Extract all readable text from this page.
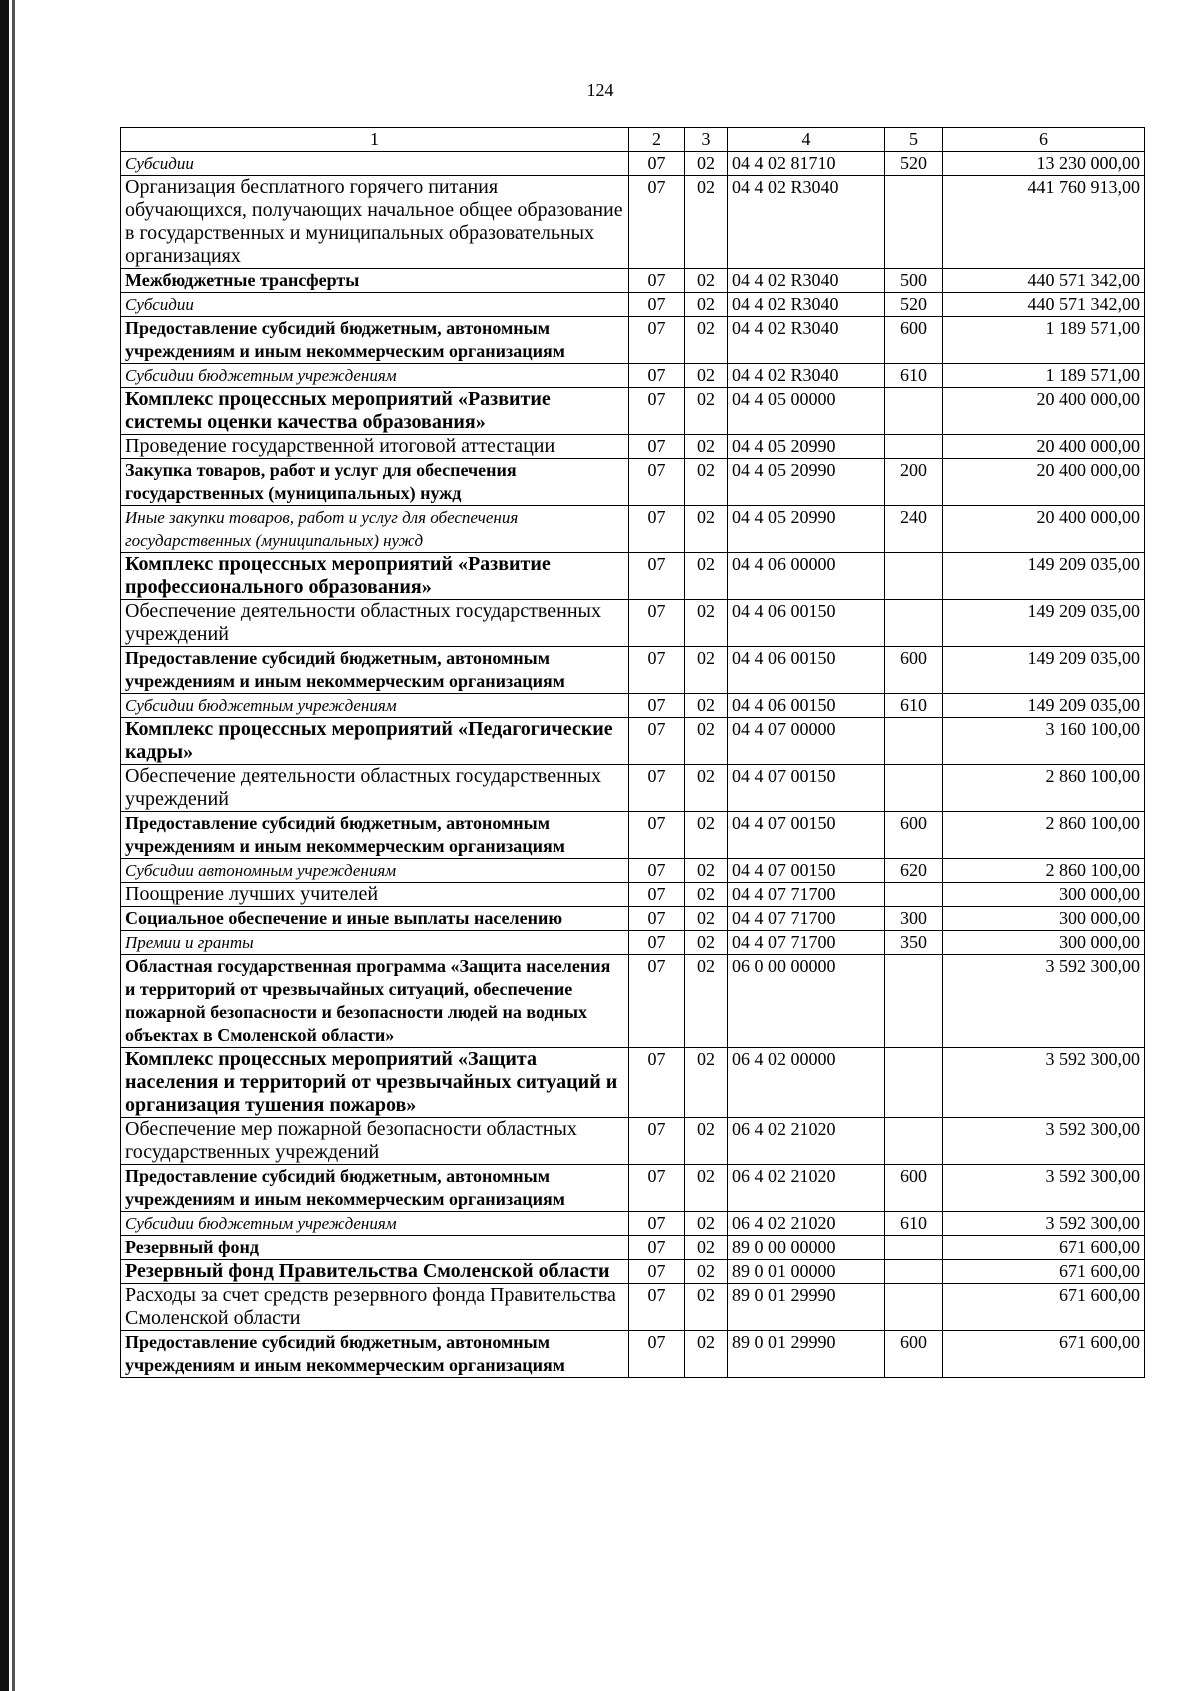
124
1	2	3	4	5	6
Субсидии	07	02	04 4 02 81710	520	13 230 000,00
Организация бесплатного горячего питания обучающихся, получающих начальное общее образование в государственных и муниципальных образовательных организациях	07	02	04 4 02 R3040		441 760 913,00
Межбюджетные трансферты	07	02	04 4 02 R3040	500	440 571 342,00
Субсидии	07	02	04 4 02 R3040	520	440 571 342,00
Предоставление субсидий бюджетным, автономным учреждениям и иным некоммерческим организациям	07	02	04 4 02 R3040	600	1 189 571,00
Субсидии бюджетным учреждениям	07	02	04 4 02 R3040	610	1 189 571,00
Комплекс процессных мероприятий «Развитие системы оценки качества образования»	07	02	04 4 05 00000		20 400 000,00
Проведение государственной итоговой аттестации	07	02	04 4 05 20990		20 400 000,00
Закупка товаров, работ и услуг для обеспечения государственных (муниципальных) нужд	07	02	04 4 05 20990	200	20 400 000,00
Иные закупки товаров, работ и услуг для обеспечения государственных (муниципальных) нужд	07	02	04 4 05 20990	240	20 400 000,00
Комплекс процессных мероприятий «Развитие профессионального образования»	07	02	04 4 06 00000		149 209 035,00
Обеспечение деятельности областных государственных учреждений	07	02	04 4 06 00150		149 209 035,00
Предоставление субсидий бюджетным, автономным учреждениям и иным некоммерческим организациям	07	02	04 4 06 00150	600	149 209 035,00
Субсидии бюджетным учреждениям	07	02	04 4 06 00150	610	149 209 035,00
Комплекс процессных мероприятий «Педагогические кадры»	07	02	04 4 07 00000		3 160 100,00
Обеспечение деятельности областных государственных учреждений	07	02	04 4 07 00150		2 860 100,00
Предоставление субсидий бюджетным, автономным учреждениям и иным некоммерческим организациям	07	02	04 4 07 00150	600	2 860 100,00
Субсидии автономным учреждениям	07	02	04 4 07 00150	620	2 860 100,00
Поощрение лучших учителей	07	02	04 4 07 71700		300 000,00
Социальное обеспечение и иные выплаты населению	07	02	04 4 07 71700	300	300 000,00
Премии и гранты	07	02	04 4 07 71700	350	300 000,00
Областная государственная программа «Защита населения и территорий от чрезвычайных ситуаций, обеспечение пожарной безопасности и безопасности людей на водных объектах в Смоленской области»	07	02	06 0 00 00000		3 592 300,00
Комплекс процессных мероприятий «Защита населения и территорий от чрезвычайных ситуаций и организация тушения пожаров»	07	02	06 4 02 00000		3 592 300,00
Обеспечение мер пожарной безопасности областных государственных учреждений	07	02	06 4 02 21020		3 592 300,00
Предоставление субсидий бюджетным, автономным учреждениям и иным некоммерческим организациям	07	02	06 4 02 21020	600	3 592 300,00
Субсидии бюджетным учреждениям	07	02	06 4 02 21020	610	3 592 300,00
Резервный фонд	07	02	89 0 00 00000		671 600,00
Резервный фонд Правительства Смоленской области	07	02	89 0 01 00000		671 600,00
Расходы за счет средств резервного фонда Правительства Смоленской области	07	02	89 0 01 29990		671 600,00
Предоставление субсидий бюджетным, автономным учреждениям и иным некоммерческим организациям	07	02	89 0 01 29990	600	671 600,00
